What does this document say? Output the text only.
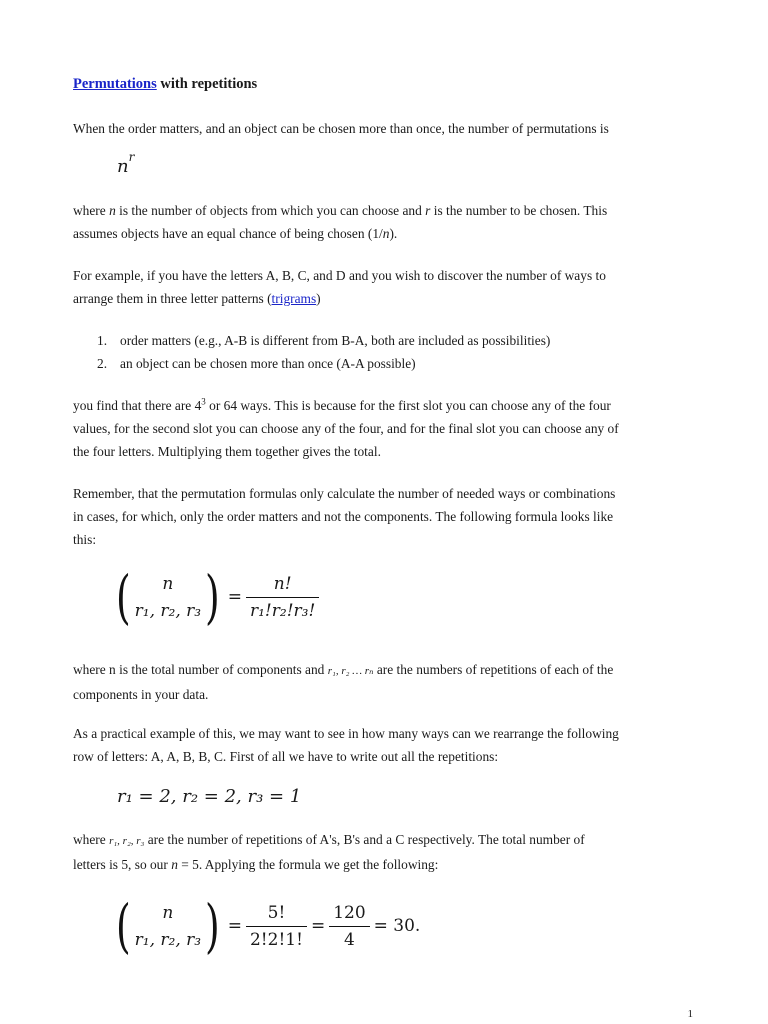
Permutations with repetitions
When the order matters, and an object can be chosen more than once, the number of permutations is
$n^r$
where n is the number of objects from which you can choose and r is the number to be chosen. This
assumes objects have an equal chance of being chosen (1/n).
For example, if you have the letters A, B, C, and D and you wish to discover the number of ways to
arrange them in three letter patterns (trigrams)
1. order matters (e.g., A-B is different from B-A, both are included as possibilities)
2. an object can be chosen more than once (A-A possible)
you find that there are $4^3$ or 64 ways. This is because for the first slot you can choose any of the four
values, for the second slot you can choose any of the four, and for the final slot you can choose any of
the four letters. Multiplying them together gives the total.
Remember, that the permutation formulas only calculate the number of needed ways or combinations
in cases, for which, only the order matters and not the components. The following formula looks like
this:
( n
r₁, r₂, r₃ ) = $\frac{n!}{\text{r₁!r₂!r₃!}}$
where n is the total number of components and r₁, r₂ … rₙ are the numbers of repetitions of each of the
components in your data.
As a practical example of this, we may want to see in how many ways can we rearrange the following
row of letters: A, A, B, B, C. First of all we have to write out all the repetitions:
r₁ = 2, r₂ = 2, r₃ = 1
where r₁, r₂, r₃ are the number of repetitions of A's, B's and a C respectively. The total number of
letters is 5, so our n = 5. Applying the formula we get the following:
( n
r₁, r₂, r₃ ) = $\frac{5!}{2!2!1!} = \frac{120}{4} = 30$.
1
